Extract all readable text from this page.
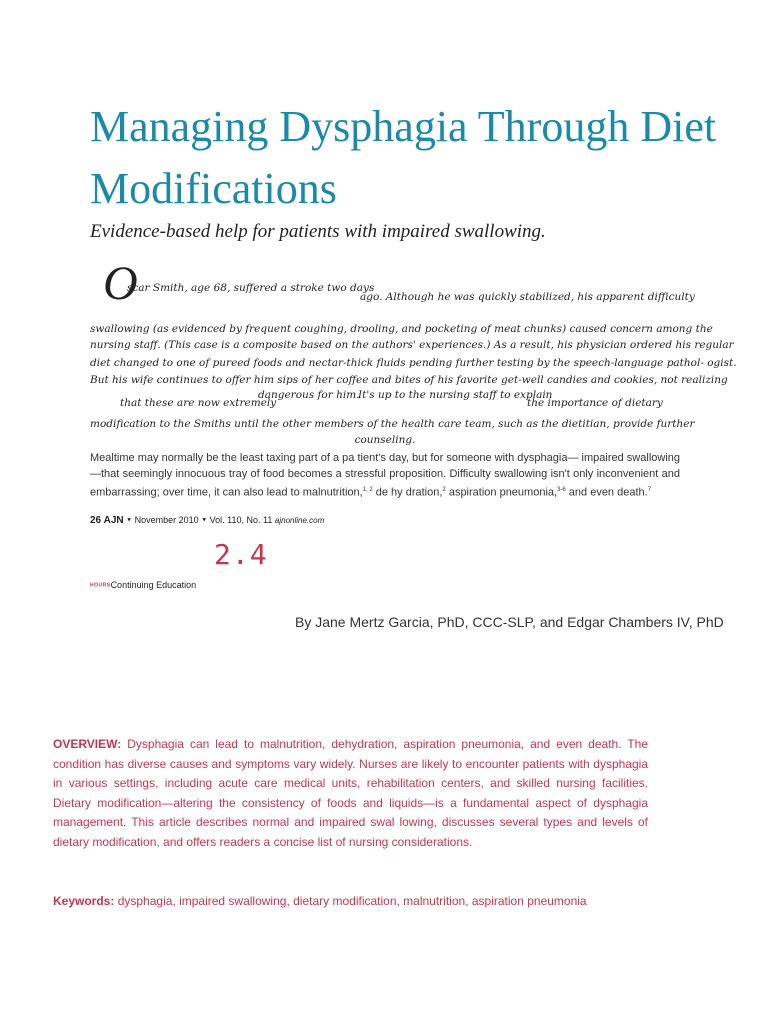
Managing Dysphagia Through Diet Modifications

Evidence-based help for patients with impaired swallowing.

O
scar Smith, age 68, suffered a stroke two days
ago. Although he was quickly stabilized, his apparent difficulty
swallowing (as evidenced by frequent coughing, drooling, and pocketing of meat chunks) caused concern among the
nursing staff. (This case is a composite based on the authors' experiences.) As a result, his physician ordered his regular
diet changed to one of pureed foods and nectar-thick fluids pending further testing by the speech-language pathol- ogist.
But his wife continues to offer him sips of her coffee and bites of his favorite get-well candies and cookies, not realizing
that these are now extremely
dangerous for him.
It's up to the nursing staff to explain
the importance of dietary
modification to the Smiths until the other members of the health care team, such as the dietitian, provide further
counseling.

Mealtime may normally be the least taxing part of a pa tient's day, but for someone with dysphagia— impaired swallowing—that seemingly innocuous tray of food becomes a stressful proposition. Difficulty swallowing isn't only inconvenient and embarrassing; over time, it can also lead to malnutrition,$^{1, 2}$ de hy dration,$^2$ aspiration pneumonia,$^{3-6}$ and even death.$^7$

26 AJN ▼ November 2010 ▼ Vol. 110, No. 11 ajnonline.com
2.4
HOURSContinuing Education

By Jane Mertz Garcia, PhD, CCC-SLP, and Edgar Chambers IV, PhD

OVERVIEW: Dysphagia can lead to malnutrition, dehydration, aspiration pneumonia, and even death. The condition has diverse causes and symptoms vary widely. Nurses are likely to encounter patients with dysphagia in various settings, including acute care medical units, rehabilitation centers, and skilled nursing facilities. Dietary modification—altering the consistency of foods and liquids—is a fundamental aspect of dysphagia management. This article describes normal and impaired swal lowing, discusses several types and levels of dietary modification, and offers readers a concise list of nursing considerations.

Keywords: dysphagia, impaired swallowing, dietary modification, malnutrition, aspiration pneumonia
